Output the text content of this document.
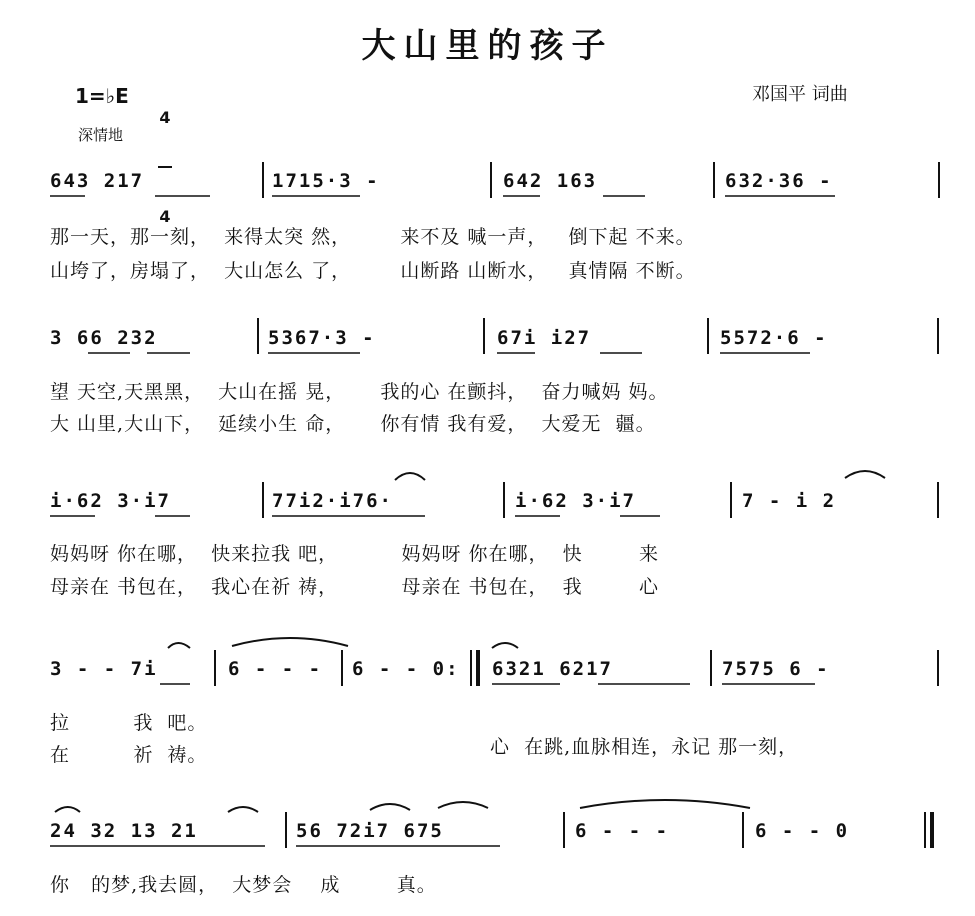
大山里的孩子
1=♭E

4

4

深情地
邓国平 词曲
643 217	1715·3 -	642 163	632·36 -
那一天，那一刻，  来得太突 然，       来不及 喊一声，   倒下起 不来。
山垮了，房塌了，  大山怎么 了，       山断路 山断水，   真情隔 不断。
3 66 232	5367·3 -	67i i27	5572·6 -
望 天空,天黑黑，  大山在摇 晃，     我的心 在颤抖，  奋力喊妈 妈。
大 山里,大山下，  延续小生 命，     你有情 我有爱，  大爱无  疆。
i·62 3·i7	77i2·i76·	i·62 3·i7	7 - i 2
妈妈呀 你在哪，  快来拉我 吧，         妈妈呀 你在哪，  快        来
母亲在 书包在，  我心在祈 祷，         母亲在 书包在，  我        心
3 - - 7i	6 - - - 6 - - 0: 6321 6217	7575 6 -
拉         我  吧。
在         祈  祷。	心  在跳,血脉相连，永记 那一刻，
24 32 13 21	56 72i7 675	6 - - -	6 - - 0
你   的梦,我去圆，  大梦会    成        真。
